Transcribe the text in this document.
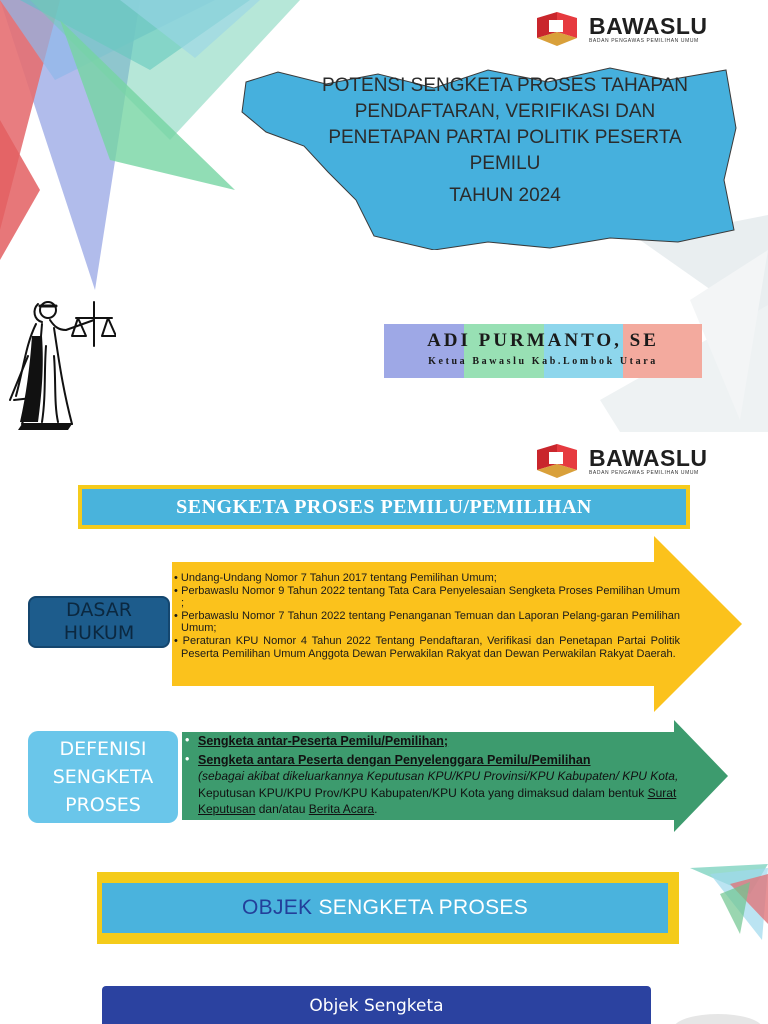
BAWASLU
BADAN PENGAWAS PEMILIHAN UMUM
POTENSI SENGKETA PROSES TAHAPAN
PENDAFTARAN, VERIFIKASI DAN
PENETAPAN PARTAI POLITIK PESERTA
PEMILU
TAHUN 2024
ADI PURMANTO, SE
Ketua Bawaslu Kab.Lombok Utara
BAWASLU
BADAN PENGAWAS PEMILIHAN UMUM
SENGKETA PROSES PEMILU/PEMILIHAN
DASAR
HUKUM
• Undang-Undang Nomor 7 Tahun 2017 tentang Pemilihan Umum;
• Perbawaslu Nomor 9 Tahun 2022 tentang Tata Cara Penyelesaian Sengketa Proses Pemilihan Umum ;
• Perbawaslu Nomor 7 Tahun 2022 tentang Penanganan Temuan dan Laporan Pelang-garan Pemilihan Umum;
• Peraturan KPU Nomor 4 Tahun 2022 Tentang Pendaftaran, Verifikasi dan Penetapan Partai Politik Peserta Pemilihan Umum Anggota Dewan Perwakilan Rakyat dan Dewan Perwakilan Rakyat Daerah.
DEFENISI
SENGKETA
PROSES
• Sengketa antar-Peserta Pemilu/Pemilihan;
• Sengketa antara Peserta dengan Penyelenggara Pemilu/Pemilihan
(sebagai akibat dikeluarkannya Keputusan KPU/KPU Provinsi/KPU Kabupaten/ KPU Kota, Keputusan KPU/KPU Prov/KPU Kabupaten/KPU Kota yang dimaksud dalam bentuk Surat Keputusan dan/atau Berita Acara.
OBJEK SENGKETA PROSES
Objek Sengketa
